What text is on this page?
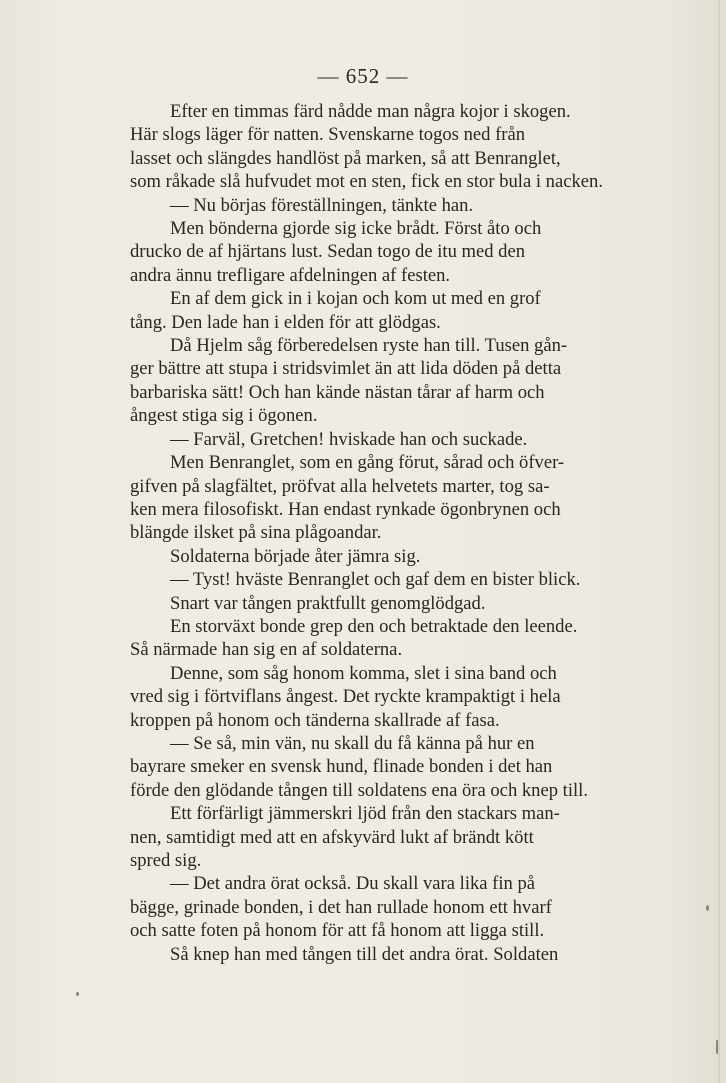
— 652 —

Efter en timmas färd nådde man några kojor i skogen.
Här slogs läger för natten. Svenskarne togos ned från
lasset och slängdes handlöst på marken, så att Benranglet,
som råkade slå hufvudet mot en sten, fick en stor bula i nacken.

— Nu börjas föreställningen, tänkte han.

Men bönderna gjorde sig icke brådt. Först åto och
drucko de af hjärtans lust. Sedan togo de itu med den
andra ännu trefligare afdelningen af festen.

En af dem gick in i kojan och kom ut med en grof
tång. Den lade han i elden för att glödgas.

Då Hjelm såg förberedelsen ryste han till. Tusen gån-
ger bättre att stupa i stridsvimlet än att lida döden på detta
barbariska sätt! Och han kände nästan tårar af harm och
ångest stiga sig i ögonen.

— Farväl, Gretchen! hviskade han och suckade.

Men Benranglet, som en gång förut, sårad och öfver-
gifven på slagfältet, pröfvat alla helvetets marter, tog sa-
ken mera filosofiskt. Han endast rynkade ögonbrynen och
blängde ilsket på sina plågoandar.

Soldaterna började åter jämra sig.

— Tyst! hväste Benranglet och gaf dem en bister blick.

Snart var tången praktfullt genomglödgad.

En storväxt bonde grep den och betraktade den leende.
Så närmade han sig en af soldaterna.

Denne, som såg honom komma, slet i sina band och
vred sig i förtviflans ångest. Det ryckte krampaktigt i hela
kroppen på honom och tänderna skallrade af fasa.

— Se så, min vän, nu skall du få känna på hur en
bayrare smeker en svensk hund, flinade bonden i det han
förde den glödande tången till soldatens ena öra och knep till.

Ett förfärligt jämmerskri ljöd från den stackars man-
nen, samtidigt med att en afskyvärd lukt af brändt kött
spred sig.

— Det andra örat också. Du skall vara lika fin på
bägge, grinade bonden, i det han rullade honom ett hvarf
och satte foten på honom för att få honom att ligga still.

Så knep han med tången till det andra örat. Soldaten
